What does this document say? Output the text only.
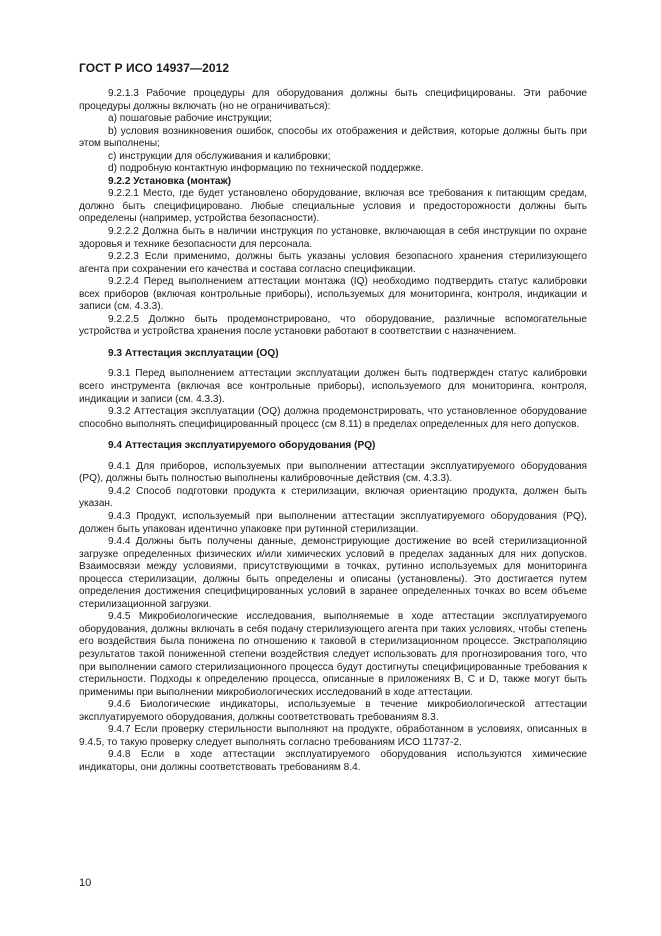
ГОСТ Р ИСО 14937—2012

9.2.1.3 Рабочие процедуры для оборудования должны быть специфицированы. Эти рабочие процедуры должны включать (но не ограничиваться):

a) пошаговые рабочие инструкции;

b) условия возникновения ошибок, способы их отображения и действия, которые должны быть при этом выполнены;

c) инструкции для обслуживания и калибровки;

d) подробную контактную информацию по технической поддержке.

9.2.2 Установка (монтаж)

9.2.2.1 Место, где будет установлено оборудование, включая все требования к питающим средам, должно быть специфицировано. Любые специальные условия и предосторожности должны быть определены (например, устройства безопасности).

9.2.2.2 Должна быть в наличии инструкция по установке, включающая в себя инструкции по охране здоровья и технике безопасности для персонала.

9.2.2.3 Если применимо, должны быть указаны условия безопасного хранения стерилизующего агента при сохранении его качества и состава согласно спецификации.

9.2.2.4 Перед выполнением аттестации монтажа (IQ) необходимо подтвердить статус калибровки всех приборов (включая контрольные приборы), используемых для мониторинга, контроля, индикации и записи (см. 4.3.3).

9.2.2.5 Должно быть продемонстрировано, что оборудование, различные вспомогательные устройства и устройства хранения после установки работают в соответствии с назначением.

9.3 Аттестация эксплуатации (OQ)

9.3.1 Перед выполнением аттестации эксплуатации должен быть подтвержден статус калибровки всего инструмента (включая все контрольные приборы), используемого для мониторинга, контроля, индикации и записи (см. 4.3.3).

9.3.2 Аттестация эксплуатации (OQ) должна продемонстрировать, что установленное оборудование способно выполнять специфицированный процесс (см 8.11) в пределах определенных для него допусков.

9.4 Аттестация эксплуатируемого оборудования (PQ)

9.4.1 Для приборов, используемых при выполнении аттестации эксплуатируемого оборудования (PQ), должны быть полностью выполнены калибровочные действия (см. 4.3.3).

9.4.2 Способ подготовки продукта к стерилизации, включая ориентацию продукта, должен быть указан.

9.4.3 Продукт, используемый при выполнении аттестации эксплуатируемого оборудования (PQ), должен быть упакован идентично упаковке при рутинной стерилизации.

9.4.4 Должны быть получены данные, демонстрирующие достижение во всей стерилизационной загрузке определенных физических и/или химических условий в пределах заданных для них допусков. Взаимосвязи между условиями, присутствующими в точках, рутинно используемых для мониторинга процесса стерилизации, должны быть определены и описаны (установлены). Это достигается путем определения достижения специфицированных условий в заранее определенных точках во всем объеме стерилизационной загрузки.

9.4.5 Микробиологические исследования, выполняемые в ходе аттестации эксплуатируемого оборудования, должны включать в себя подачу стерилизующего агента при таких условиях, чтобы степень его воздействия была понижена по отношению к таковой в стерилизационном процессе. Экстраполяцию результатов такой пониженной степени воздействия следует использовать для прогнозирования того, что при выполнении самого стерилизационного процесса будут достигнуты специфицированные требования к стерильности. Подходы к определению процесса, описанные в приложениях B, C и D, также могут быть применимы при выполнении микробиологических исследований в ходе аттестации.

9.4.6 Биологические индикаторы, используемые в течение микробиологической аттестации эксплуатируемого оборудования, должны соответствовать требованиям 8.3.

9.4.7 Если проверку стерильности выполняют на продукте, обработанном в условиях, описанных в 9.4.5, то такую проверку следует выполнять согласно требованиям ИСО 11737-2.

9.4.8 Если в ходе аттестации эксплуатируемого оборудования используются химические индикаторы, они должны соответствовать требованиям 8.4.

10
